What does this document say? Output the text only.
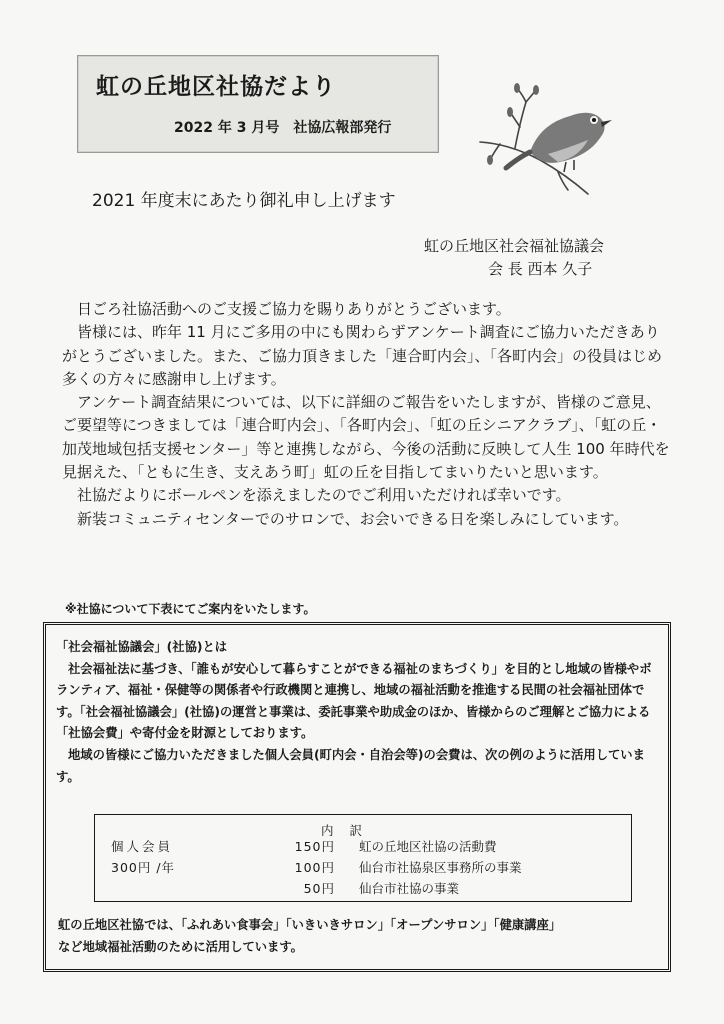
虹の丘地区社協だより
2022 年 3 月号 社協広報部発行
2021 年度末にあたり御礼申し上げます
虹の丘地区社会福祉協議会
会 長 西本 久子

日ごろ社協活動へのご支援ご協力を賜りありがとうございます。

皆様には、昨年 11 月にご多用の中にも関わらずアンケート調査にご協力いただきありがとうございました。また、ご協力頂きました「連合町内会」、「各町内会」の役員はじめ多くの方々に感謝申し上げます。

アンケート調査結果については、以下に詳細のご報告をいたしますが、皆様のご意見、ご要望等につきましては「連合町内会」、「各町内会」、「虹の丘シニアクラブ」、「虹の丘・加茂地域包括支援センター」等と連携しながら、今後の活動に反映して人生 100 年時代を見据えた、「ともに生き、支えあう町」虹の丘を目指してまいりたいと思います。

社協だよりにボールペンを添えましたのでご利用いただければ幸いです。

新装コミュニティセンターでのサロンで、お会いできる日を楽しみにしています。

※社協について下表にてご案内をいたします。

「社会福祉協議会」(社協)とは

社会福祉法に基づき、「誰もが安心して暮らすことができる福祉のまちづくり」を目的とし地域の皆様やボランティア、福祉・保健等の関係者や行政機関と連携し、地域の福祉活動を推進する民間の社会福祉団体です。「社会福祉協議会」(社協)の運営と事業は、委託事業や助成金のほか、皆様からのご理解とご協力による「社協会費」や寄付金を財源としております。

地域の皆様にご協力いただきました個人会員(町内会・自治会等)の会費は、次の例のように活用しています。

内 訳
個人会員
300円 /年
150円 虹の丘地区社協の活動費
100円 仙台市社協泉区事務所の事業
50円 仙台市社協の事業

虹の丘地区社協では、「ふれあい食事会」「いきいきサロン」「オープンサロン」「健康講座」

など地域福祉活動のために活用しています。
